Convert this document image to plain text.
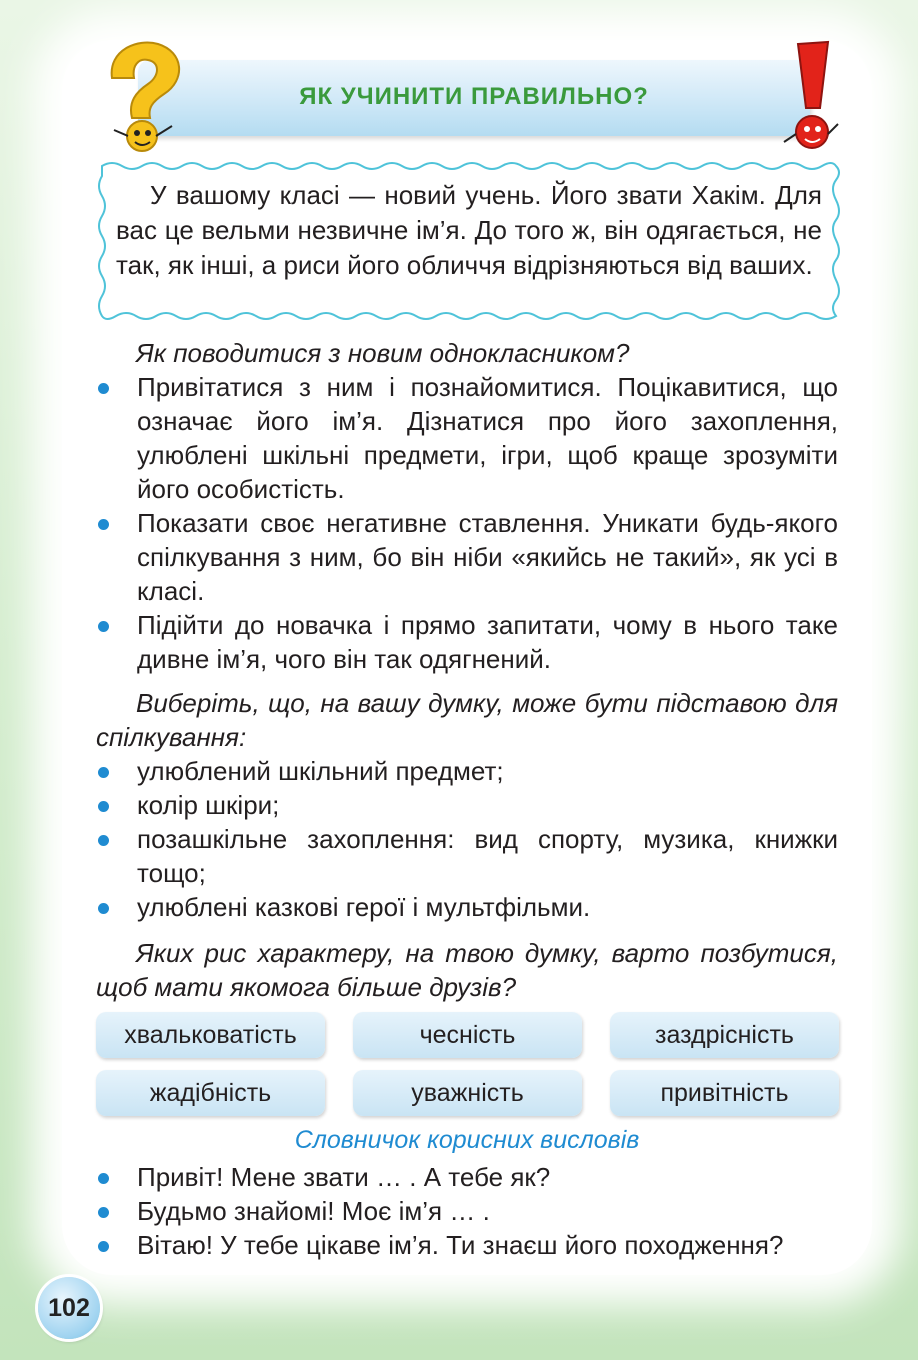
ЯК УЧИНИТИ ПРАВИЛЬНО?

У вашому класі — новий учень. Його звати Хакім. Для вас це вельми незвичне ім’я. До того ж, він одягається, не так, як інші, а риси його обличчя відрізняються від ваших.

Як поводитися з новим однокласником?

Привітатися з ним і познайомитися. Поцікавитися, що означає його ім’я. Дізнатися про його захоплення, улюблені шкільні предмети, ігри, щоб краще зрозуміти його особистість.
Показати своє негативне ставлення. Уникати будь-якого спілкування з ним, бо він ніби «якийсь не такий», як усі в класі.
Підійти до новачка і прямо запитати, чому в нього таке дивне ім’я, чого він так одягнений.

Виберіть, що, на вашу думку, може бути підставою для спілкування:

улюблений шкільний предмет;
колір шкіри;
позашкільне захоплення: вид спорту, музика, книжки тощо;
улюблені казкові герої і мультфільми.

Яких рис характеру, на твою думку, варто позбутися, щоб мати якомога більше друзів?

хвальковатість	чесність	заздрісність
жадібність	уважність	привітність
Словничок корисних висловів
Привіт! Мене звати … . А тебе як?
Будьмо знайомі! Моє ім’я … .
Вітаю! У тебе цікаве ім’я. Ти знаєш його походження?
102
